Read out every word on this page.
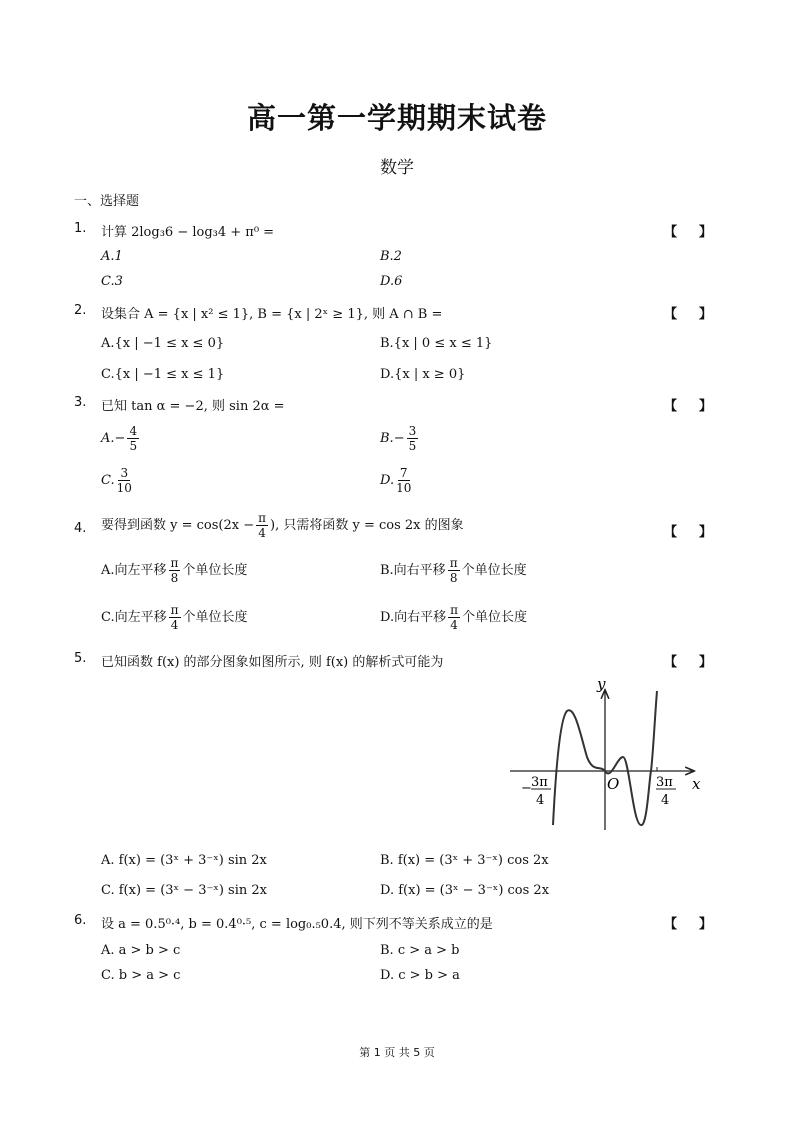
高一第一学期期末试卷
数学
一、选择题
1. 计算 2log₃6 − log₃4 + π⁰ =	【 】
A.1	B.2
C.3	D.6
2. 设集合 A = {x | x² ≤ 1}, B = {x | 2ˣ ≥ 1}, 则 A ∩ B =	【 】
A.{x | −1 ≤ x ≤ 0}	B.{x | 0 ≤ x ≤ 1}
C.{x | −1 ≤ x ≤ 1}	D.{x | x ≥ 0}
3. 已知 tan α = −2, 则 sin 2α =	【 】
$A.- \frac{4}{5}$	$B.- \frac{3}{5}$
C. $\frac{3}{10}$	D. $\frac{7}{10}$
4. 要得到函数 $y = \cos(2x - \frac{\pi}{4}$ ), 只需将函数 y = cos 2x 的图象	【 】
A.向左平移 $\frac{\pi}{8}$ 个单位长度	B.向右平移 $\frac{\pi}{8}$ 个单位长度
C.向左平移 $\frac{\pi}{4}$ 个单位长度	D.向右平移 $\frac{\pi}{4}$ 个单位长度
5. 已知函数 f(x) 的部分图象如图所示, 则 f(x) 的解析式可能为	【 】
y
x
O
− 3π
4
3π
4
A. f(x) = (3ˣ + 3⁻ˣ) sin 2x	B. f(x) = (3ˣ + 3⁻ˣ) cos 2x
C. f(x) = (3ˣ − 3⁻ˣ) sin 2x	D. f(x) = (3ˣ − 3⁻ˣ) cos 2x
6. 设 a = 0.5⁰·⁴, b = 0.4⁰·⁵, c = log₀.₅0.4, 则下列不等关系成立的是	【 】
A. a > b > c	B. c > a > b
C. b > a > c	D. c > b > a
第 1 页 共 5 页
